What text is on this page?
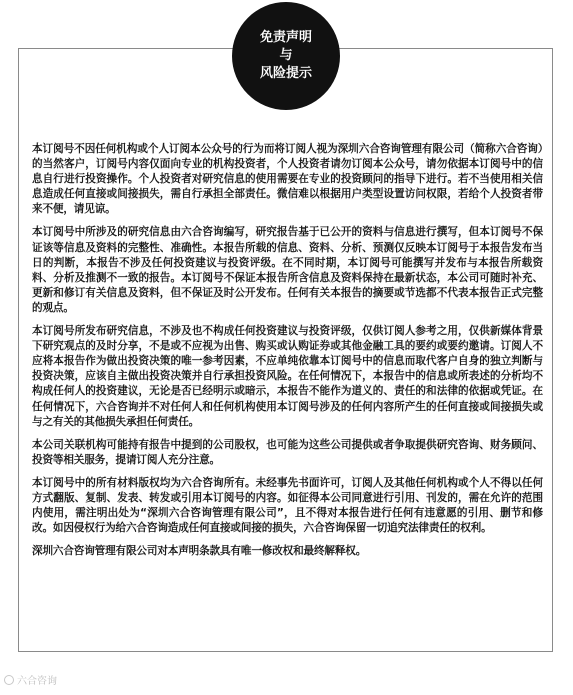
免责声明
与
风险提示

本订阅号不因任何机构或个人订阅本公众号的行为而将订阅人视为深圳六合咨询管理有限公司（简称六合咨询）的当然客户，订阅号内容仅面向专业的机构投资者，个人投资者请勿订阅本公众号，请勿依据本订阅号中的信息自行进行投资操作。个人投资者对研究信息的使用需要在专业的投资顾问的指导下进行。若不当使用相关信息造成任何直接或间接损失，需自行承担全部责任。微信难以根据用户类型设置访问权限，若给个人投资者带来不便，请见谅。

本订阅号中所涉及的研究信息由六合咨询编写，研究报告基于已公开的资料与信息进行撰写，但本订阅号不保证该等信息及资料的完整性、准确性。本报告所载的信息、资料、分析、预测仅反映本订阅号于本报告发布当日的判断，本报告不涉及任何投资建议与投资评级。在不同时期，本订阅号可能撰写并发布与本报告所载资料、分析及推测不一致的报告。本订阅号不保证本报告所含信息及资料保持在最新状态，本公司可随时补充、更新和修订有关信息及资料，但不保证及时公开发布。任何有关本报告的摘要或节选都不代表本报告正式完整的观点。

本订阅号所发布研究信息，不涉及也不构成任何投资建议与投资评级，仅供订阅人参考之用，仅供新媒体背景下研究观点的及时分享，不是或不应视为出售、购买或认购证券或其他金融工具的要约或要约邀请。订阅人不应将本报告作为做出投资决策的唯一参考因素，不应单纯依靠本订阅号中的信息而取代客户自身的独立判断与投资决策，应该自主做出投资决策并自行承担投资风险。在任何情况下，本报告中的信息或所表述的分析均不构成任何人的投资建议，无论是否已经明示或暗示，本报告不能作为道义的、责任的和法律的依据或凭证。在任何情况下，六合咨询并不对任何人和任何机构使用本订阅号涉及的任何内容所产生的任何直接或间接损失或与之有关的其他损失承担任何责任。

本公司关联机构可能持有报告中提到的公司股权，也可能为这些公司提供或者争取提供研究咨询、财务顾问、投资等相关服务，提请订阅人充分注意。

本订阅号中的所有材料版权均为六合咨询所有。未经事先书面许可，订阅人及其他任何机构或个人不得以任何方式翻版、复制、发表、转发或引用本订阅号的内容。如征得本公司同意进行引用、刊发的，需在允许的范围内使用，需注明出处为“深圳六合咨询管理有限公司”，且不得对本报告进行任何有违意愿的引用、删节和修改。如因侵权行为给六合咨询造成任何直接或间接的损失，六合咨询保留一切追究法律责任的权利。

深圳六合咨询管理有限公司对本声明条款具有唯一修改权和最终解释权。

六合咨询
